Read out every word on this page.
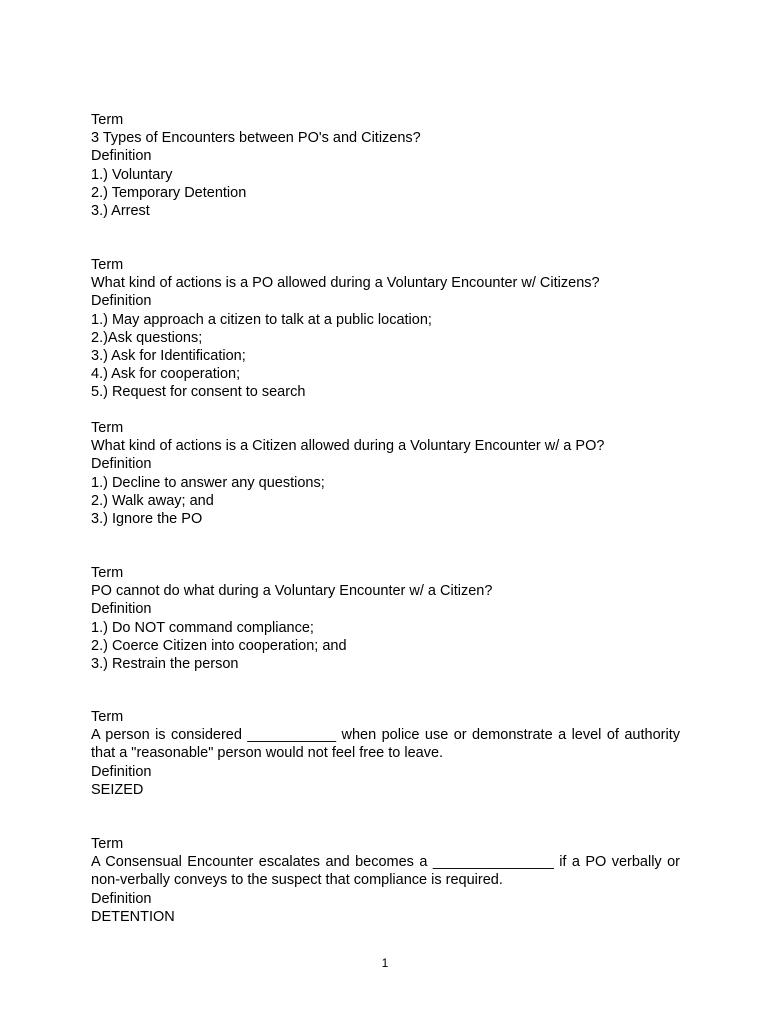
Term
3 Types of Encounters between PO's and Citizens?
Definition
1.) Voluntary
2.) Temporary Detention
3.) Arrest
Term
What kind of actions is a PO allowed during a Voluntary Encounter w/ Citizens?
Definition
1.) May approach a citizen to talk at a public location;
2.)Ask questions;
3.) Ask for Identification;
4.) Ask for cooperation;
5.) Request for consent to search
Term
What kind of actions is a Citizen allowed during a Voluntary Encounter w/ a PO?
Definition
1.) Decline to answer any questions;
2.) Walk away; and
3.) Ignore the PO
Term
PO cannot do what during a Voluntary Encounter w/ a Citizen?
Definition
1.) Do NOT command compliance;
2.) Coerce Citizen into cooperation; and
3.) Restrain the person
Term
A person is considered ___________ when police use or demonstrate a level of authority that a "reasonable" person would not feel free to leave.
Definition
SEIZED
Term
A Consensual Encounter escalates and becomes a _______________ if a PO verbally or non-verbally conveys to the suspect that compliance is required.
Definition
DETENTION
1
